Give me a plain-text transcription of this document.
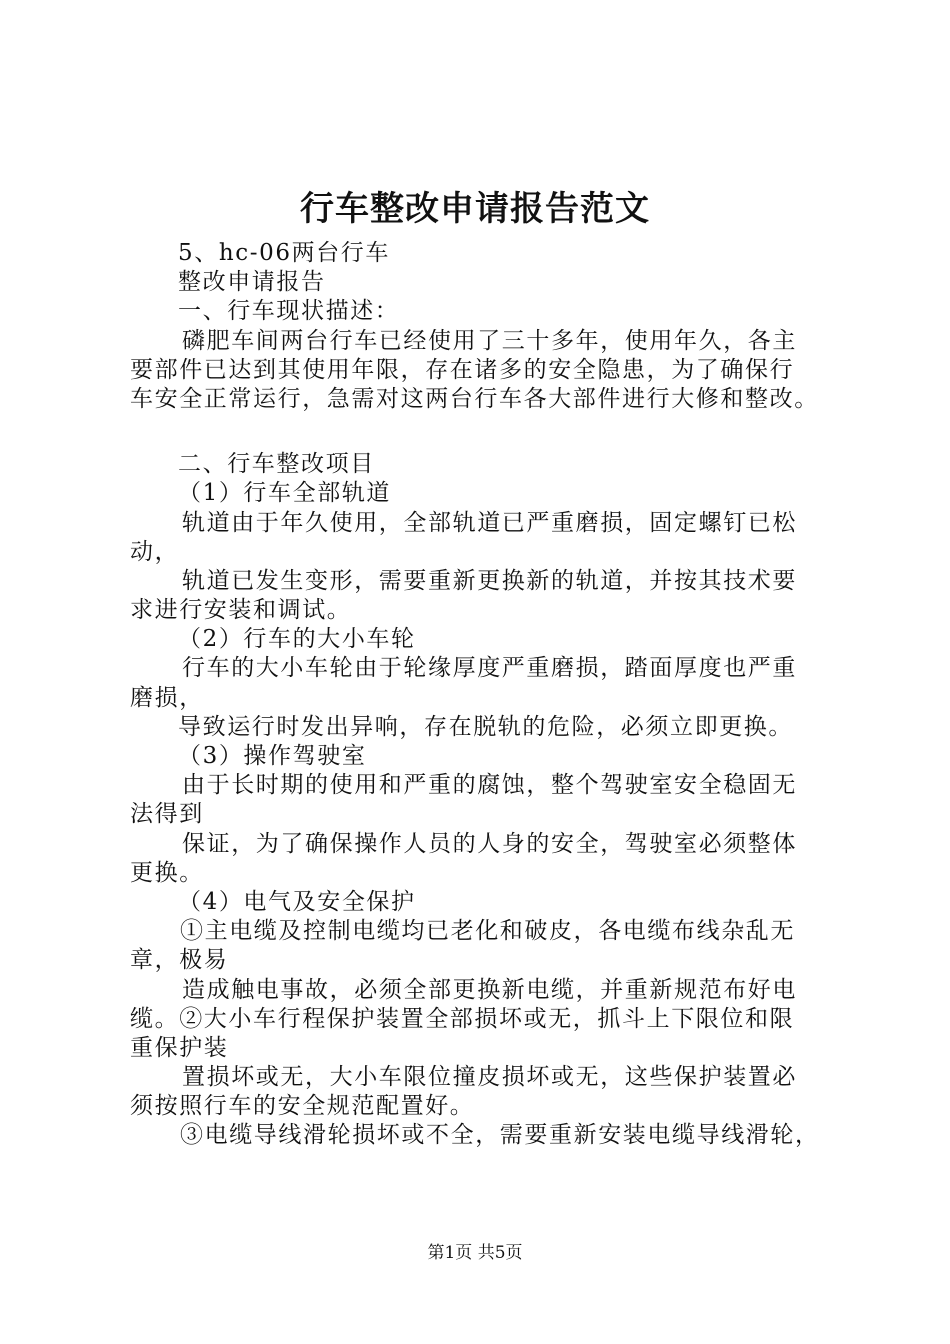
行车整改申请报告范文
5、hc-06两台行车
整改申请报告
一、行车现状描述：
磷肥车间两台行车已经使用了三十多年，使用年久，各主
要部件已达到其使用年限，存在诸多的安全隐患，为了确保行
车安全正常运行，急需对这两台行车各大部件进行大修和整改。
二、行车整改项目
（1）行车全部轨道
轨道由于年久使用，全部轨道已严重磨损，固定螺钉已松
动，
轨道已发生变形，需要重新更换新的轨道，并按其技术要
求进行安装和调试。
（2）行车的大小车轮
行车的大小车轮由于轮缘厚度严重磨损，踏面厚度也严重
磨损，
导致运行时发出异响，存在脱轨的危险，必须立即更换。
（3）操作驾驶室
由于长时期的使用和严重的腐蚀，整个驾驶室安全稳固无
法得到
保证，为了确保操作人员的人身的安全，驾驶室必须整体
更换。
（4）电气及安全保护
①主电缆及控制电缆均已老化和破皮，各电缆布线杂乱无
章，极易
造成触电事故，必须全部更换新电缆，并重新规范布好电
缆。②大小车行程保护装置全部损坏或无，抓斗上下限位和限
重保护装
置损坏或无，大小车限位撞皮损坏或无，这些保护装置必
须按照行车的安全规范配置好。
③电缆导线滑轮损坏或不全，需要重新安装电缆导线滑轮，
第1页 共5页
